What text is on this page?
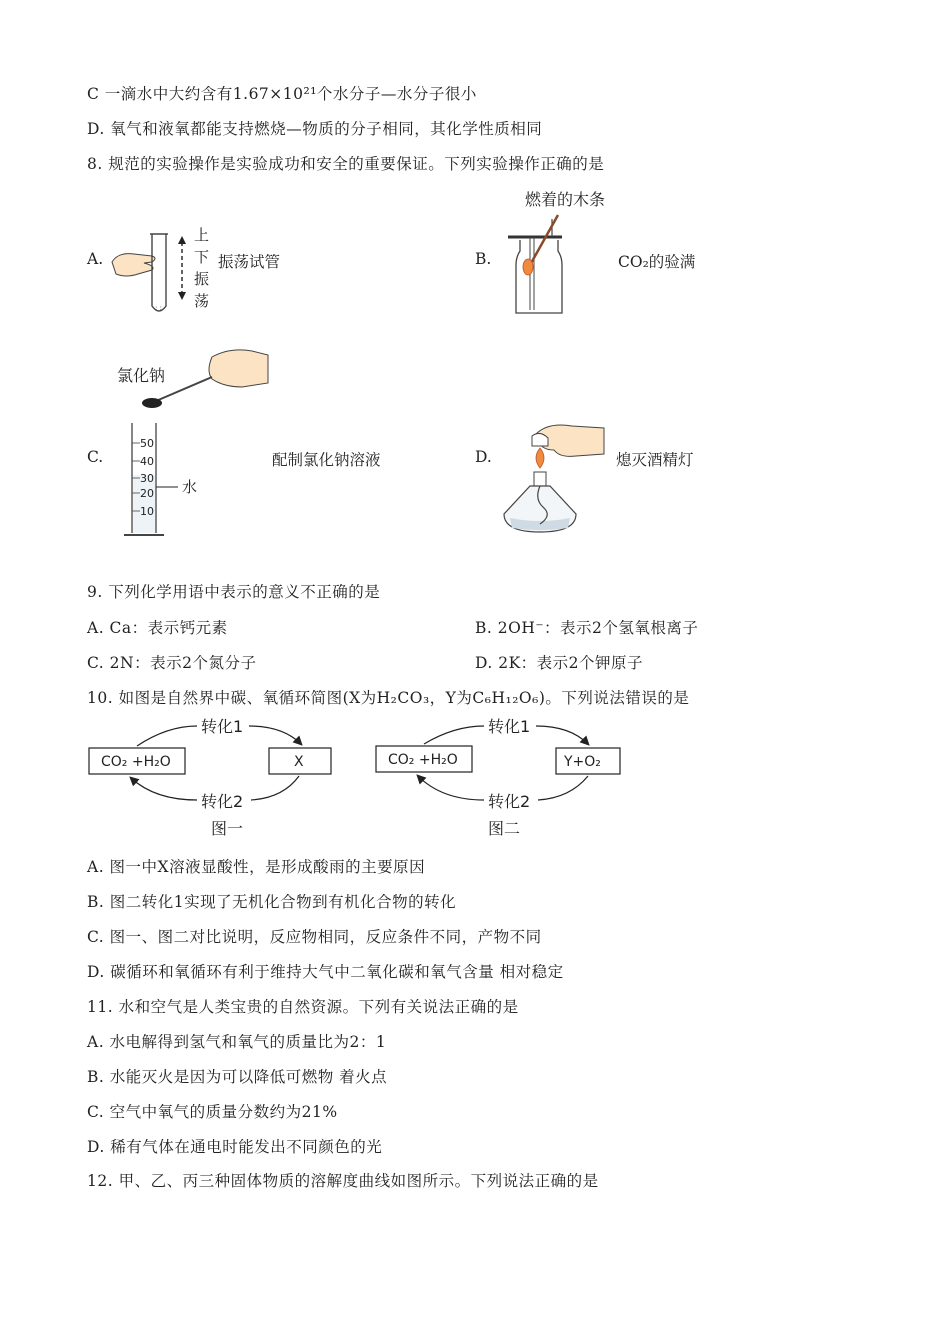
C 一滴水中大约含有1.67×10²¹个水分子—水分子很小
D. 氧气和液氧都能支持燃烧—物质的分子相同，其化学性质相同
8. 规范的实验操作是实验成功和安全的重要保证。下列实验操作正确的是
A.
: :
上
下
振
荡
振荡试管	B.
燃着的木条
CO₂的验满
C.
氯化钠
50
40
30
20
10
水
配制氯化钠溶液	D.	熄灭酒精灯
9. 下列化学用语中表示的意义不正确的是
A. Ca：表示钙元素	B. 2OH⁻：表示2个氢氧根离子
C. 2N：表示2个氮分子	D. 2K：表示2个钾原子
10. 如图是自然界中碳、氧循环简图(X为H₂CO₃，Y为C₆H₁₂O₆)。下列说法错误的是
CO₂ +H₂O	X
转化1
转化2
图一
CO₂ +H₂O	Y+O₂
转化1
转化2
图二
A. 图一中X溶液显酸性，是形成酸雨的主要原因
B. 图二转化1实现了无机化合物到有机化合物的转化
C. 图一、图二对比说明，反应物相同，反应条件不同，产物不同
D. 碳循环和氧循环有利于维持大气中二氧化碳和氧气含量 相对稳定
11. 水和空气是人类宝贵的自然资源。下列有关说法正确的是
A. 水电解得到氢气和氧气的质量比为2：1
B. 水能灭火是因为可以降低可燃物 着火点
C. 空气中氧气的质量分数约为21%
D. 稀有气体在通电时能发出不同颜色的光
12. 甲、乙、丙三种固体物质的溶解度曲线如图所示。下列说法正确的是
